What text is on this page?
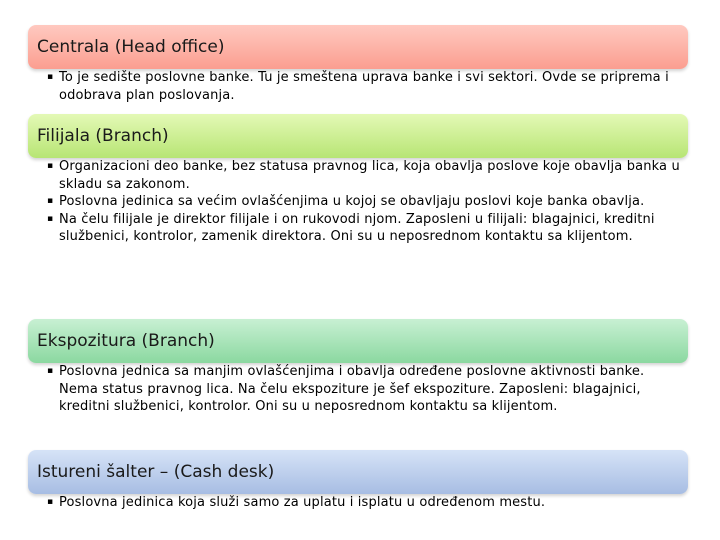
Centrala (Head office)
▪ To je sedište poslovne banke. Tu je smeštena uprava banke i svi sektori. Ovde se priprema i odobrava plan poslovanja.
Filijala (Branch)
▪ Organizacioni deo banke, bez statusa pravnog lica, koja obavlja poslove koje obavlja banka u skladu sa zakonom.
▪ Poslovna jedinica sa većim ovlašćenjima u kojoj se obavljaju poslovi koje banka obavlja.
▪ Na čelu filijale je direktor filijale i on rukovodi njom. Zaposleni u filijali: blagajnici, kreditni službenici, kontrolor, zamenik direktora. Oni su u neposrednom kontaktu sa klijentom.
Ekspozitura (Branch)
▪ Poslovna jednica sa manjim ovlašćenjima i obavlja određene poslovne aktivnosti banke. Nema status pravnog lica. Na čelu ekspoziture je šef ekspoziture. Zaposleni: blagajnici, kreditni službenici, kontrolor. Oni su u neposrednom kontaktu sa klijentom.
Istureni šalter – (Cash desk)
▪ Poslovna jedinica koja služi samo za uplatu i isplatu u određenom mestu.
